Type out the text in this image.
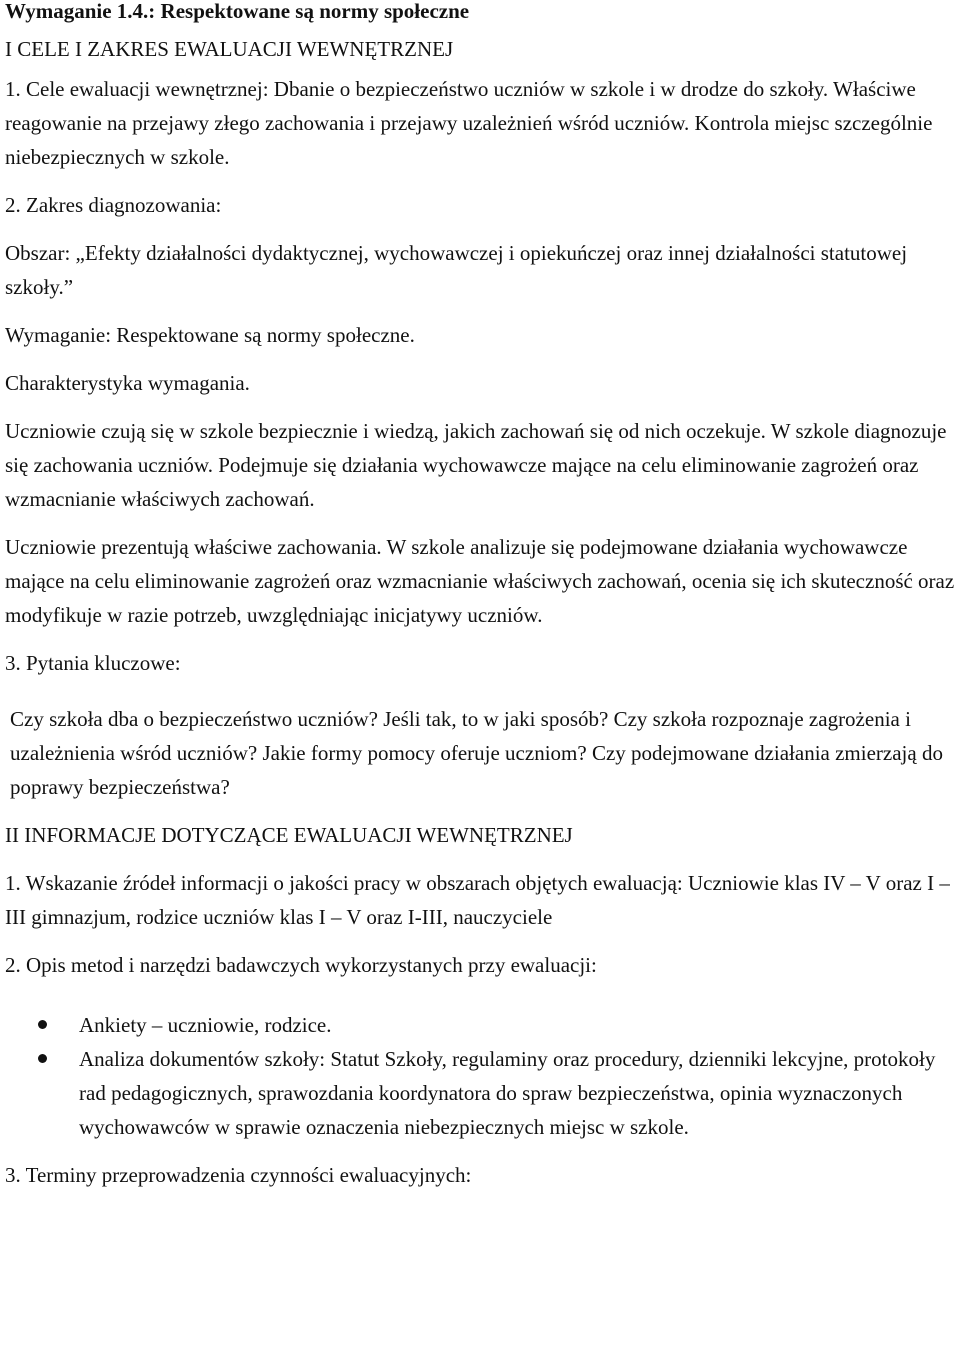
Wymaganie 1.4.: Respektowane są normy społeczne

I CELE I ZAKRES EWALUACJI WEWNĘTRZNEJ

1. Cele ewaluacji wewnętrznej: Dbanie o bezpieczeństwo uczniów w szkole i w drodze do szkoły. Właściwe reagowanie na przejawy złego zachowania i przejawy uzależnień wśród uczniów. Kontrola miejsc szczególnie niebezpiecznych w szkole.

2. Zakres diagnozowania:

Obszar: „Efekty działalności dydaktycznej, wychowawczej i opiekuńczej oraz innej działalności statutowej szkoły.”

Wymaganie: Respektowane są normy społeczne.

Charakterystyka wymagania.

Uczniowie czują się w szkole bezpiecznie i wiedzą, jakich zachowań się od nich oczekuje. W szkole diagnozuje się zachowania uczniów. Podejmuje się działania wychowawcze mające na celu eliminowanie zagrożeń oraz wzmacnianie właściwych zachowań.

Uczniowie prezentują właściwe zachowania. W szkole analizuje się podejmowane działania wychowawcze mające na celu eliminowanie zagrożeń oraz wzmacnianie właściwych zachowań, ocenia się ich skuteczność oraz modyfikuje w razie potrzeb, uwzględniając inicjatywy uczniów.

3. Pytania kluczowe:

Czy szkoła dba o bezpieczeństwo uczniów? Jeśli tak, to w jaki sposób? Czy szkoła rozpoznaje zagrożenia i uzależnienia wśród uczniów? Jakie formy pomocy oferuje uczniom? Czy podejmowane działania zmierzają do poprawy bezpieczeństwa?

II INFORMACJE DOTYCZĄCE EWALUACJI WEWNĘTRZNEJ

1. Wskazanie źródeł informacji o jakości pracy w obszarach objętych ewaluacją: Uczniowie klas IV – V oraz I –III gimnazjum, rodzice uczniów klas I – V oraz I-III, nauczyciele

2. Opis metod i narzędzi badawczych wykorzystanych przy ewaluacji:

Ankiety – uczniowie, rodzice.
Analiza dokumentów szkoły: Statut Szkoły, regulaminy oraz procedury, dzienniki lekcyjne, protokoły rad pedagogicznych, sprawozdania koordynatora do spraw bezpieczeństwa, opinia wyznaczonych wychowawców w sprawie oznaczenia niebezpiecznych miejsc w szkole.

3. Terminy przeprowadzenia czynności ewaluacyjnych:
